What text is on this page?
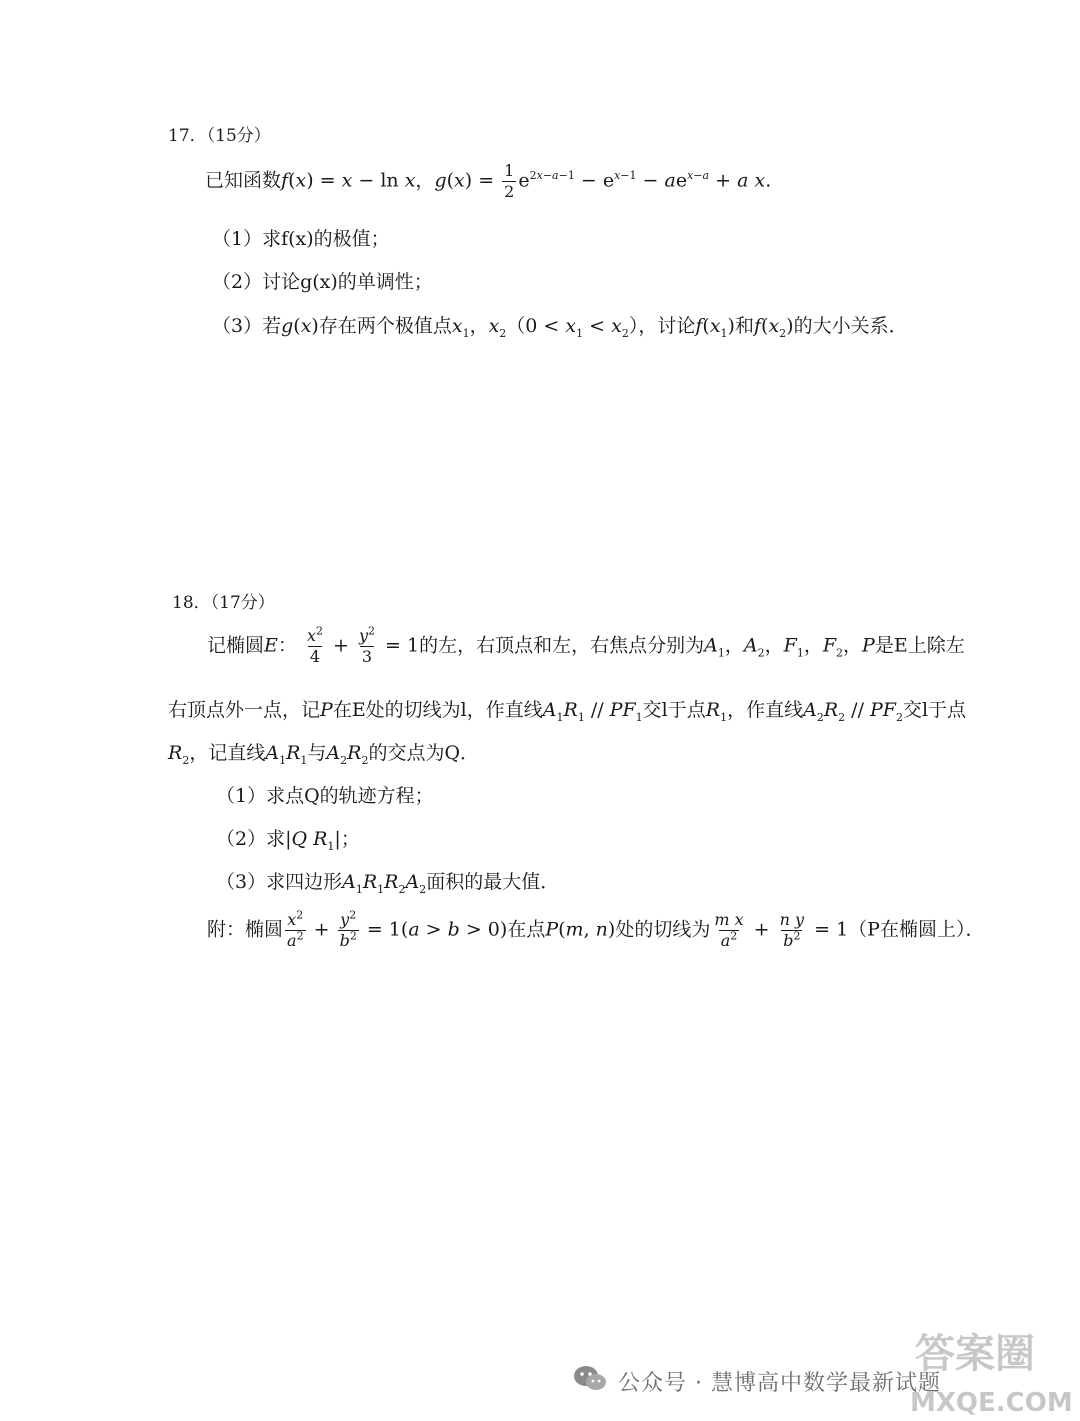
17．（15分）
已知函数f(x) = x − ln x，$g(x) = \frac{1}{2} e^{2x-a-1} - e^{x-1} - ae^{x-a} + a$ x.
（1）求f(x)的极值；
（2）讨论g(x)的单调性；
（3）若g(x)存在两个极值点$x_1$，$x_2(0 < x_1 < x_2)$，讨论$f(x_1)$和$f(x_2)$的大小关系．
18．（17分）
记椭圆E： $\frac{x^2}{4} + \frac{y^2}{3} = 1$的左，右顶点和左，右焦点分别为$A_1$，$A_2$，$F_1$，$F_2$，P是E上除左
右顶点外一点，记P在E处的切线为l，作直线$A_1R_1 // PF_1$交l于点$R_1$，作直线$A_2R_2 // PF_2$交l于点
$R_2$，记直线$A_1R_1$与$A_2R_2$的交点为Q．
（1）求点Q的轨迹方程；
（2）求|Q $R_1|$；
（3）求四边形$A_1R_1R_2A_2$面积的最大值．
附：椭圆 $\frac{x^2}{a^2} + \frac{y^2}{b^2} = 1(a > b > 0)$在点P(m, n)处的切线为 $\frac{\text{m x}}{a^2} + \frac{\text{n y}}{b^2} = 1(P$在椭圆上）．
公众号 · 慧博高中数学最新试题
答案圈
MXQE.COM
